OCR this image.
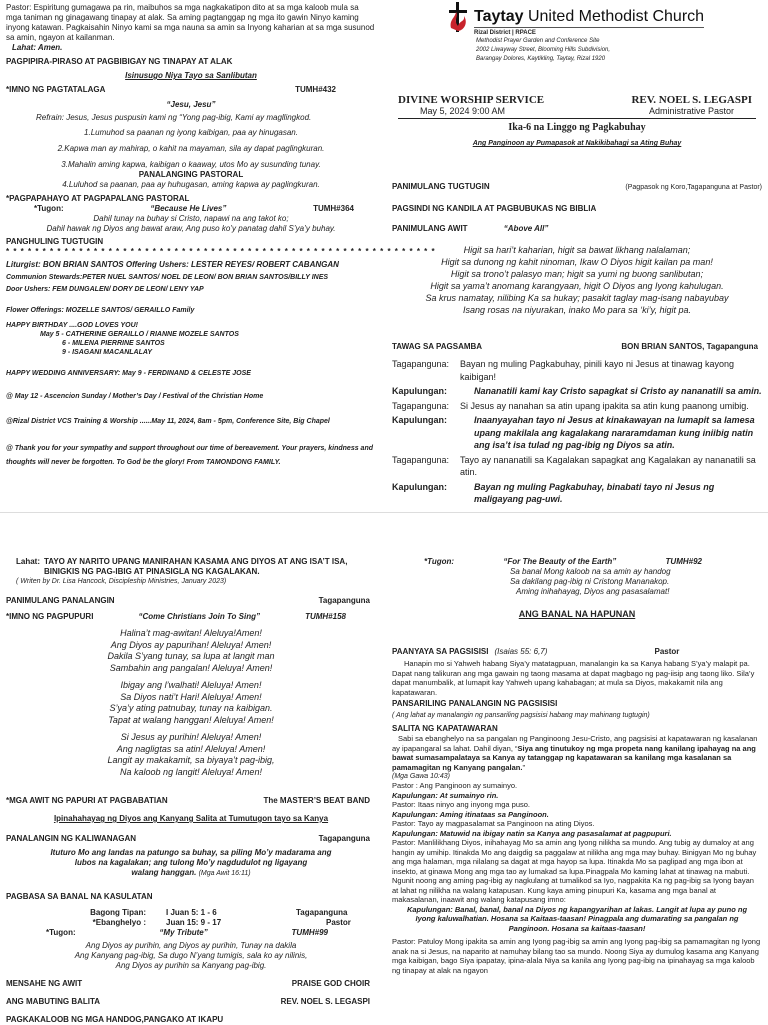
Pastor: Espiritung gumagawa pa rin, maibuhos sa mga nagkakatipon dito at sa mga kaloob mula sa mga taniman ng ginagawang tinapay at alak. Sa aming pagtanggap ng mga ito gawin Ninyo kaming inyong katawan. Pagkaisahin Ninyo kami sa mga nauna sa amin sa Inyong kaharian at sa mga susunod sa amin, ngayon at kailanman.
Lahat: Amen.
PAGPIPIRA-PIRASO AT PAGBIBIGAY NG TINAPAY AT ALAK
Isinusugo Niya Tayo sa Sanlibutan
*IMNO NG PAGTATALAGA	TUMH#432
“Jesu, Jesu”
Refrain: Jesus, Jesus puspusin kami ng “Yong pag-ibig, Kami ay magllingkod.
1.Lumuhod sa paanan ng iyong kaibigan, paa ay hinugasan.
2.Kapwa man ay mahirap, o kahit na mayaman, sila ay dapat paglingkuran.
3.Mahalin aming kapwa, kaibigan o kaaway, utos Mo ay susunding tunay.
PANALANGING PASTORAL
4.Luluhod sa paanan, paa ay huhugasan, aming kapwa ay paglingkuran.
*PAGPAPAHAYO AT PAGPAPALANG PASTORAL
*Tugon:	“Because He Lives”	TUMH#364
Dahil tunay na buhay si Cristo, napawi na ang takot ko;
Dahil hawak ng Diyos ang bawat araw, Ang puso ko’y panatag dahil S’ya’y buhay.
PANGHULING TUGTUGIN
* * * * * * * * * * * * * * * * * * * * * * * * * * * * * * * * * * * * * * * * * * * * * * * * * * * * * * * * * * *
Liturgist: BON BRIAN SANTOS Offering Ushers: LESTER REYES/ ROBERT CABANGAN
Communion Stewards:PETER NUEL SANTOS/ NOEL DE LEON/ BON BRIAN SANTOS/BILLY INES
Door Ushers: FEM DUNGALEN/ DORY DE LEON/ LENY YAP
Flower Offerings: MOZELLE SANTOS/ GERAILLO Family
HAPPY BIRTHDAY ....GOD LOVES YOU!
May 5 - CATHERINE GERAILLO / RIANNE MOZELE SANTOS
6 - MILENA PIERRINE SANTOS
9 - ISAGANI MACANLALAY
HAPPY WEDDING ANNIVERSARY: May 9 - FERDINAND & CELESTE JOSE
@ May 12 - Ascencion Sunday / Mother’s Day / Festival of the Christian Home
@Rizal District VCS Training & Worship ......May 11, 2024, 8am - 5pm, Conference Site, Big Chapel
@ Thank you for your sympathy and support throughout our time of bereavement. Your prayers, kindness and thoughts will never be forgotten. To God be the glory! From TAMONDONG FAMILY.
Taytay United Methodist Church
Rizal District | RPACE
Methodist Prayer Garden and Conference Site
2002 Liwayway Street, Blooming Hills Subdivision,
Barangay Dolores, Kaytikling, Taytay, Rizal 1920
DIVINE WORSHIP SERVICE	REV. NOEL S. LEGASPI
May 5, 2024 9:00 AM	Administrative Pastor
Ika-6 na Linggo ng Pagkabuhay
Ang Panginoon ay Pumapasok at Nakikibahagi sa Ating Buhay
PANIMULANG TUGTUGIN	(Pagpasok ng Koro,Tagapanguna at Pastor)
PAGSINDI NG KANDILA AT PAGBUBUKAS NG BIBLIA
PANIMULANG AWIT	“Above All”
Higit sa hari’t kaharian, higit sa bawat likhang nalalaman;
Higit sa dunong ng kahit ninoman, Ikaw O Diyos higit kailan pa man!
Higit sa trono’t palasyo man; higit sa yumi ng buong sanlibutan;
Higit sa yama’t anomang karangyaan, higit O Diyos ang Iyong kahulugan.
Sa krus namatay, nilibing Ka sa hukay; pasakit taglay mag-isang nabayubay
Isang rosas na niyurakan, inako Mo para sa ‘ki’y, higit pa.
TAWAG SA PAGSAMBA	BON BRIAN SANTOS, Tagapanguna
Tagapanguna:	Bayan ng muling Pagkabuhay, pinili kayo ni Jesus at tinawag kayong kaibigan!
Kapulungan:	Nananatili kami kay Cristo sapagkat si Cristo ay nananatili sa amin.
Tagapanguna:	Si Jesus ay nanahan sa atin upang ipakita sa atin kung paanong umibig.
Kapulungan:	Inaanyayahan tayo ni Jesus at kinakawayan na lumapit sa lamesa upang makilala ang kagalakang nararamdaman kung iniibig natin ang isa’t isa tulad ng pag-ibig ng Diyos sa atin.
Tagapanguna:	Tayo ay nananatili sa Kagalakan sapagkat ang Kagalakan ay nananatili sa atin.
Kapulungan:	Bayan ng muling Pagkabuhay, binabati tayo ni Jesus ng maligayang pag-uwi.
Lahat: TAYO AY NARITO UPANG MANIRAHAN KASAMA ANG DIYOS AT ANG ISA’T ISA, BINIGKIS NG PAG-IBIG AT PINASIGLA NG KAGALAKAN.
( Writen by Dr. Lisa Hancock, Discipleship Ministries, January 2023)
PANIMULANG PANALANGIN	Tagapanguna
*IMNO NG PAGPUPURI	“Come Christians Join To Sing”	TUMH#158
Halina’t mag-awitan! Aleluya!Amen!
Ang Diyos ay papurihan! Aleluya! Amen!
Dakila S’yang tunay, sa lupa at langit man
Sambahin ang pangalan! Aleluya! Amen!
Ibigay ang l’walhati! Aleluya! Amen!
Sa Diyos nati’t Hari! Aleluya! Amen!
S’ya’y ating patnubay, tunay na kaibigan.
Tapat at walang hanggan! Aleluya! Amen!
Si Jesus ay purihin! Aleluya! Amen!
Ang nagligtas sa atin! Aleluya! Amen!
Langit ay makakamit, sa biyaya’t pag-ibig,
Na kaloob ng langit! Aleluya! Amen!
*MGA AWIT NG PAPURI AT PAGBABATIAN	The MASTER’S BEAT BAND
Ipinahahayag ng Diyos ang Kanyang Salita at Tumutugon tayo sa Kanya
PANALANGIN NG KALIWANAGAN	Tagapanguna
Ituturo Mo ang landas na patungo sa buhay, sa piling Mo’y madarama ang
lubos na kagalakan; ang tulong Mo’y nagdudulot ng ligayang
walang hanggan. (Mga Awit 16:11)
PAGBASA SA BANAL NA KASULATAN
Bagong Tipan:	I Juan 5: 1 - 6	Tagapanguna
*Ebanghelyo :	Juan 15: 9 - 17	Pastor
*Tugon:	“My Tribute”	TUMH#99
Ang Diyos ay purihin, ang Diyos ay purihin, Tunay na dakila
Ang Kanyang pag-ibig, Sa dugo N’yang tumigis, sala ko ay nilinis,
Ang Diyos ay purihin sa Kanyang pag-ibig.
MENSAHE NG AWIT	PRAISE GOD CHOIR
ANG MABUTING BALITA	REV. NOEL S. LEGASPI
PAGKAKALOOB NG MGA HANDOG,PANGAKO AT IKAPU
*Tugon:	“For The Beauty of the Earth”	TUMH#92
Sa banal Mong kaloob na sa amin ay handog
Sa dakilang pag-ibig ni Cristong Mananakop.
Aming inihahayag, Diyos ang pasasalamat!
ANG BANAL NA HAPUNAN
PAANYAYA SA PAGSISISI (Isaias 55: 6,7)	Pastor
Hanapin mo si Yahweh habang Siya’y matatagpuan, manalangin ka sa Kanya habang S’ya’y malapit pa. Dapat nang talikuran ang mga gawain ng taong masama at dapat magbago ng pag-iisip ang taong liko. Sila’y dapat manumbalik, at lumapit kay Yahweh upang kahabagan; at mula sa Diyos, makakamit nila ang kapatawaran.
PANSARILING PANALANGIN NG PAGSISISI
( Ang lahat ay manalangin ng pansariling pagsisisi habang may mahinang tugtugin)
SALITA NG KAPATAWARAN
Sabi sa ebanghelyo na sa pangalan ng Panginoong Jesu-Cristo, ang pagsisisi at kapatawaran ng kasalanan ay ipapangaral sa lahat. Dahil diyan, “Siya ang tinutukoy ng mga propeta nang kanilang ipahayag na ang bawat sumasampalataya sa Kanya ay tatanggap ng kapatawaran sa kanilang mga kasalanan sa pamamagitan ng Kanyang pangalan.”
(Mga Gawa 10:43)
Pastor : Ang Panginoon ay sumainyo.
Kapulungan: At sumainyo rin.
Pastor: Itaas ninyo ang inyong mga puso.
Kapulungan: Aming itinataas sa Panginoon.
Pastor: Tayo ay magpasalamat sa Panginoon na ating Diyos.
Kapulungan: Matuwid na ibigay natin sa Kanya ang pasasalamat at pagpupuri.
Pastor: Manlilikhang Diyos, inihahayag Mo sa amin ang Iyong nilikha sa mundo. Ang tubig ay dumaloy at ang hangin ay umihip. Itinakda Mo ang daigdig sa paggalaw at nilikha ang mga may buhay. Binigyan Mo ng buhay ang mga halaman, mga nilalang sa dagat at mga hayop sa lupa. Itinakda Mo sa paglipad ang mga ibon at insekto, at ginawa Mong ang mga tao ay lumakad sa lupa.Pinagpala Mo kaming lahat at tinawag na mabuti. Ngunit noong ang aming pag-ibig ay nagkulang at tumalikod sa Iyo, nagpakita Ka ng pag-ibig sa Iyong bayan at lahat ng nilikha na walang katapusan. Kung kaya aming pinupuri Ka, kasama ang mga banal at makasalanan, inaawit ang walang katapusang imno:
Kapulungan: Banal, banal, banal na Diyos ng kapangyarihan at lakas. Langit at lupa ay puno ng Iyong kaluwalhatian. Hosana sa Kaitaas-taasan! Pinagpala ang dumarating sa pangalan ng Panginoon. Hosana sa kaitaas-taasan!
Pastor: Patuloy Mong ipakita sa amin ang Iyong pag-ibig sa amin ang Iyong pag-ibig sa pamamagitan ng Iyong anak na si Jesus, na naparito at namuhay bilang tao sa mundo. Noong Siya ay dumulog kasama ang Kanyang mga kaibigan, bago Siya ipapatay, ipina-alala Niya sa kanila ang Iyong pag-ibig na ipinahayag sa mga kaloob ng tinapay at alak na ngayon
